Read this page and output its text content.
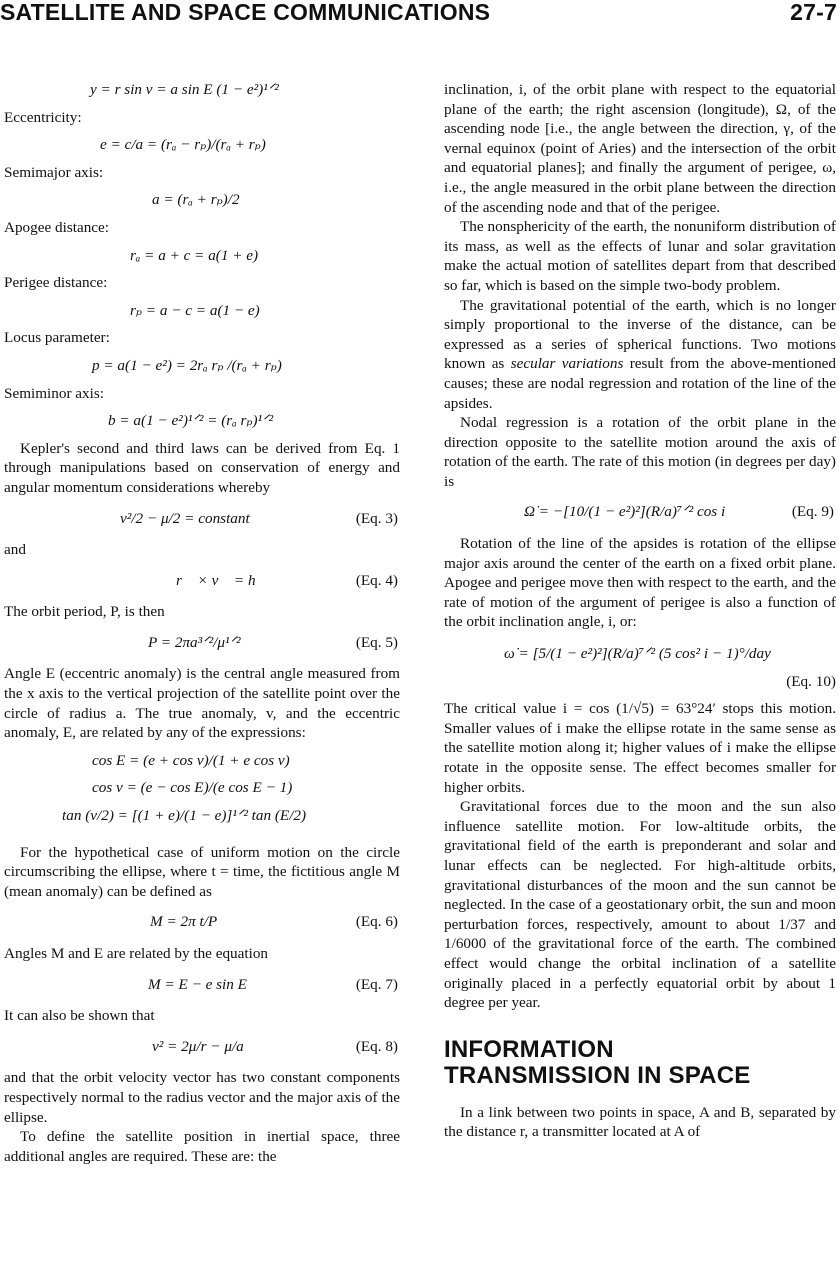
SATELLITE AND SPACE COMMUNICATIONS	27-7
y = r sin v = a sin E (1 − e²)¹ᐟ²

Eccentricity:

e = c/a = (rₐ − rₚ)/(rₐ + rₚ)

Semimajor axis:

a = (rₐ + rₚ)/2

Apogee distance:

rₐ = a + c = a(1 + e)

Perigee distance:

rₚ = a − c = a(1 − e)

Locus parameter:

p = a(1 − e²) = 2rₐ rₚ /(rₐ + rₚ)

Semiminor axis:

b = a(1 − e²)¹ᐟ² = (rₐ rₚ)¹ᐟ²

Kepler's second and third laws can be derived from Eq. 1 through manipulations based on conservation of energy and angular momentum considerations whereby

v²/2 − μ/2 = constant	(Eq. 3)

and

r⃗ × v⃗ = h⃗	(Eq. 4)

The orbit period, P, is then

P = 2πa³ᐟ²/μ¹ᐟ²	(Eq. 5)

Angle E (eccentric anomaly) is the central angle measured from the x axis to the vertical projection of the satellite point over the circle of radius a. The true anomaly, v, and the eccentric anomaly, E, are related by any of the expressions:

cos E = (e + cos v)/(1 + e cos v)
cos v = (e − cos E)/(e cos E − 1)
tan (v/2) = [(1 + e)/(1 − e)]¹ᐟ² tan (E/2)

For the hypothetical case of uniform motion on the circle circumscribing the ellipse, where t = time, the fictitious angle M (mean anomaly) can be defined as

M = 2π t/P	(Eq. 6)

Angles M and E are related by the equation

M = E − e sin E	(Eq. 7)

It can also be shown that

v² = 2μ/r − μ/a	(Eq. 8)

and that the orbit velocity vector has two constant components respectively normal to the radius vector and the major axis of the ellipse.

To define the satellite position in inertial space, three additional angles are required. These are: the

inclination, i, of the orbit plane with respect to the equatorial plane of the earth; the right ascension (longitude), Ω, of the ascending node [i.e., the angle between the direction, γ, of the vernal equinox (point of Aries) and the intersection of the orbit and equatorial planes]; and finally the argument of perigee, ω, i.e., the angle measured in the orbit plane between the direction of the ascending node and that of the perigee.

The nonsphericity of the earth, the nonuniform distribution of its mass, as well as the effects of lunar and solar gravitation make the actual motion of satellites depart from that described so far, which is based on the simple two-body problem.

The gravitational potential of the earth, which is no longer simply proportional to the inverse of the distance, can be expressed as a series of spherical functions. Two motions known as secular variations result from the above-mentioned causes; these are nodal regression and rotation of the line of the apsides.

Nodal regression is a rotation of the orbit plane in the direction opposite to the satellite motion around the axis of rotation of the earth. The rate of this motion (in degrees per day) is

Ω̇ = −[10/(1 − e²)²](R/a)⁷ᐟ² cos i	(Eq. 9)

Rotation of the line of the apsides is rotation of the ellipse major axis around the center of the earth on a fixed orbit plane. Apogee and perigee move then with respect to the earth, and the rate of motion of the argument of perigee is also a function of the orbit inclination angle, i, or:

ω̇ = [5/(1 − e²)²](R/a)⁷ᐟ² (5 cos² i − 1)°/day

(Eq. 10)

The critical value i = cos (1/√5) = 63°24′ stops this motion. Smaller values of i make the ellipse rotate in the same sense as the satellite motion along it; higher values of i make the ellipse rotate in the opposite sense. The effect becomes smaller for higher orbits.

Gravitational forces due to the moon and the sun also influence satellite motion. For low-altitude orbits, the gravitational field of the earth is preponderant and solar and lunar effects can be neglected. For high-altitude orbits, gravitational disturbances of the moon and the sun cannot be neglected. In the case of a geostationary orbit, the sun and moon perturbation forces, respectively, amount to about 1/37 and 1/6000 of the gravitational force of the earth. The combined effect would change the orbital inclination of a satellite originally placed in a perfectly equatorial orbit by about 1 degree per year.

INFORMATION

TRANSMISSION IN SPACE

In a link between two points in space, A and B, separated by the distance r, a transmitter located at A of
